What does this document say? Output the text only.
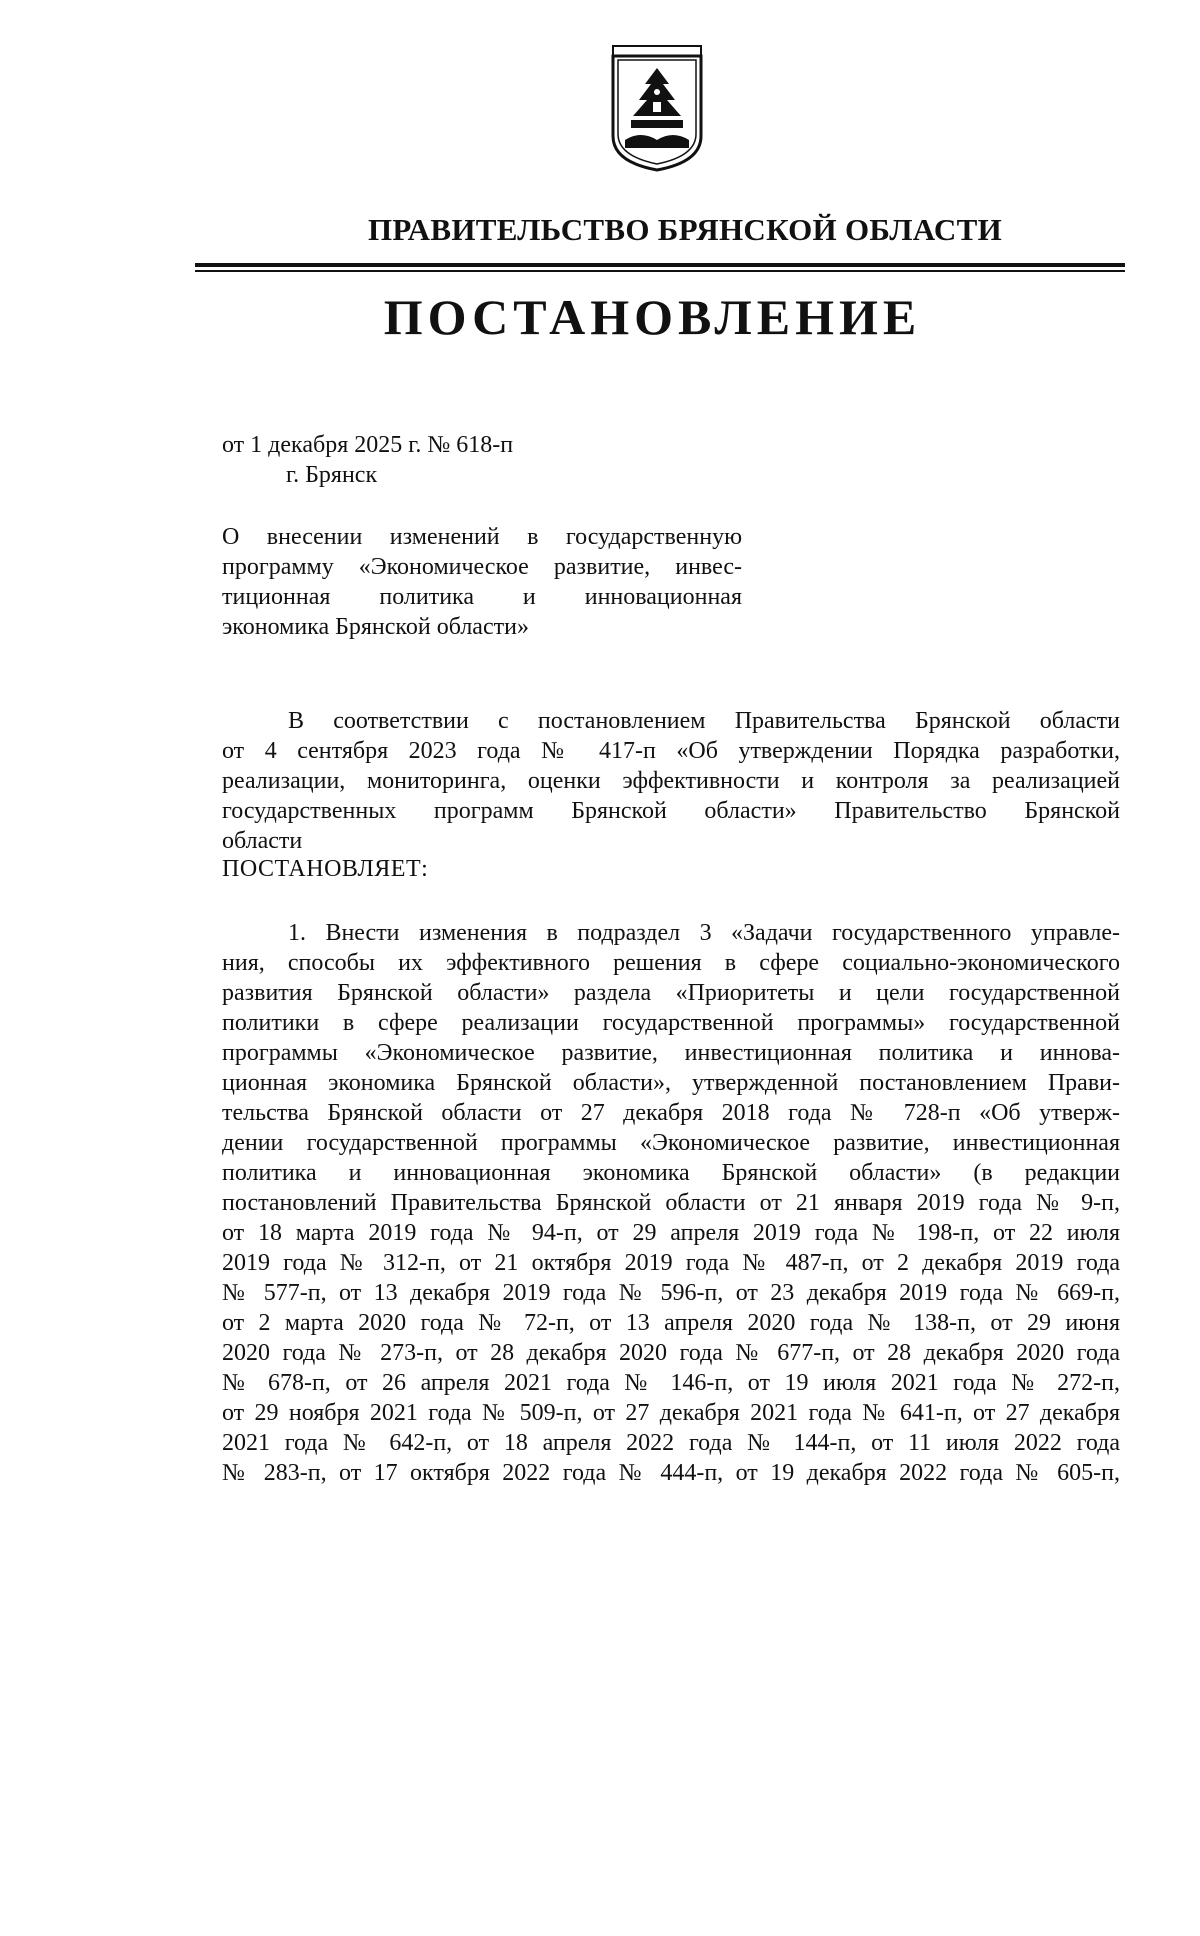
ПРАВИТЕЛЬСТВО БРЯНСКОЙ ОБЛАСТИ
ПОСТАНОВЛЕНИЕ
от 1 декабря 2025 г. № 618-п
г. Брянск
О внесении изменений в государственную
программу «Экономическое развитие, инвес-
тиционная политика и инновационная
экономика Брянской области»
В соответствии с постановлением Правительства Брянской области
от 4 сентября 2023 года № 417-п «Об утверждении Порядка разработки,
реализации, мониторинга, оценки эффективности и контроля за реализацией
государственных программ Брянской области» Правительство Брянской
области
ПОСТАНОВЛЯЕТ:
1. Внести изменения в подраздел 3 «Задачи государственного управле-
ния, способы их эффективного решения в сфере социально-экономического
развития Брянской области» раздела «Приоритеты и цели государственной
политики в сфере реализации государственной программы» государственной
программы «Экономическое развитие, инвестиционная политика и иннова-
ционная экономика Брянской области», утвержденной постановлением Прави-
тельства Брянской области от 27 декабря 2018 года № 728-п «Об утверж-
дении государственной программы «Экономическое развитие, инвестиционная
политика и инновационная экономика Брянской области» (в редакции
постановлений Правительства Брянской области от 21 января 2019 года № 9-п,
от 18 марта 2019 года № 94-п, от 29 апреля 2019 года № 198-п, от 22 июля
2019 года № 312-п, от 21 октября 2019 года № 487-п, от 2 декабря 2019 года
№ 577-п, от 13 декабря 2019 года № 596-п, от 23 декабря 2019 года № 669-п,
от 2 марта 2020 года № 72-п, от 13 апреля 2020 года № 138-п, от 29 июня
2020 года № 273-п, от 28 декабря 2020 года № 677-п, от 28 декабря 2020 года
№ 678-п, от 26 апреля 2021 года № 146-п, от 19 июля 2021 года № 272-п,
от 29 ноября 2021 года № 509-п, от 27 декабря 2021 года № 641-п, от 27 декабря
2021 года № 642-п, от 18 апреля 2022 года № 144-п, от 11 июля 2022 года
№ 283-п, от 17 октября 2022 года № 444-п, от 19 декабря 2022 года № 605-п,
